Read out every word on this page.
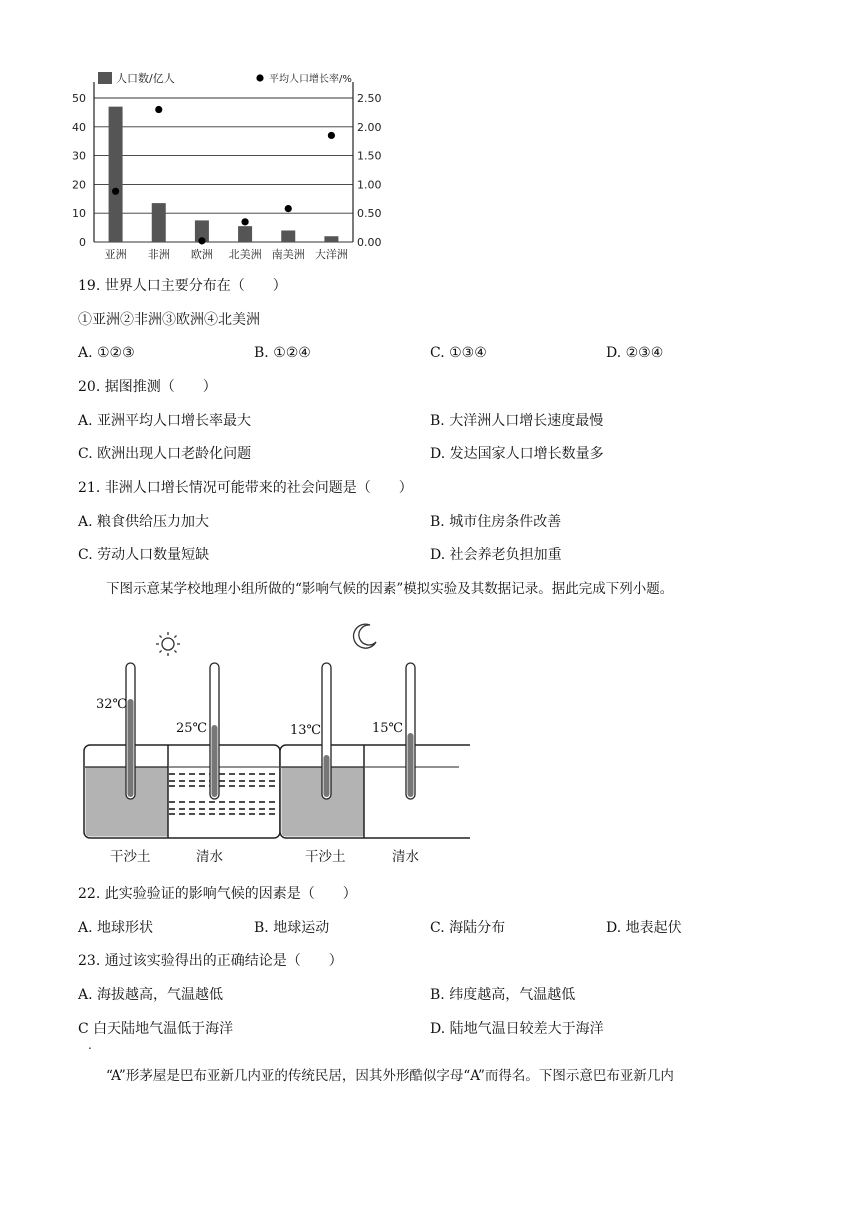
0
10
20
30
40
50
0.00
0.50
1.00
1.50
2.00
2.50
亚洲 非洲 欧洲 北美洲 南美洲 大洋洲
人口数/亿人	平均人口增长率/%
19. 世界人口主要分布在（　　）
①亚洲②非洲③欧洲④北美洲
A. ①②③	B. ①②④	C. ①③④	D. ②③④
20. 据图推测（　　）
A. 亚洲平均人口增长率最大	B. 大洋洲人口增长速度最慢
C. 欧洲出现人口老龄化问题	D. 发达国家人口增长数量多
21. 非洲人口增长情况可能带来的社会问题是（　　）
A. 粮食供给压力加大	B. 城市住房条件改善
C. 劳动人口数量短缺	D. 社会养老负担加重
下图示意某学校地理小组所做的“影响气候的因素”模拟实验及其数据记录。据此完成下列小题。
32℃
25℃	13℃	15℃
干沙土	清水	干沙土	清水
22. 此实验验证的影响气候的因素是（　　）
A. 地球形状	B. 地球运动	C. 海陆分布	D. 地表起伏
23. 通过该实验得出的正确结论是（　　）
A. 海拔越高，气温越低	B. 纬度越高，气温越低
C 白天陆地气温低于海洋	D. 陆地气温日较差大于海洋
.
“A”形茅屋是巴布亚新几内亚的传统民居，因其外形酷似字母“A”而得名。下图示意巴布亚新几内
